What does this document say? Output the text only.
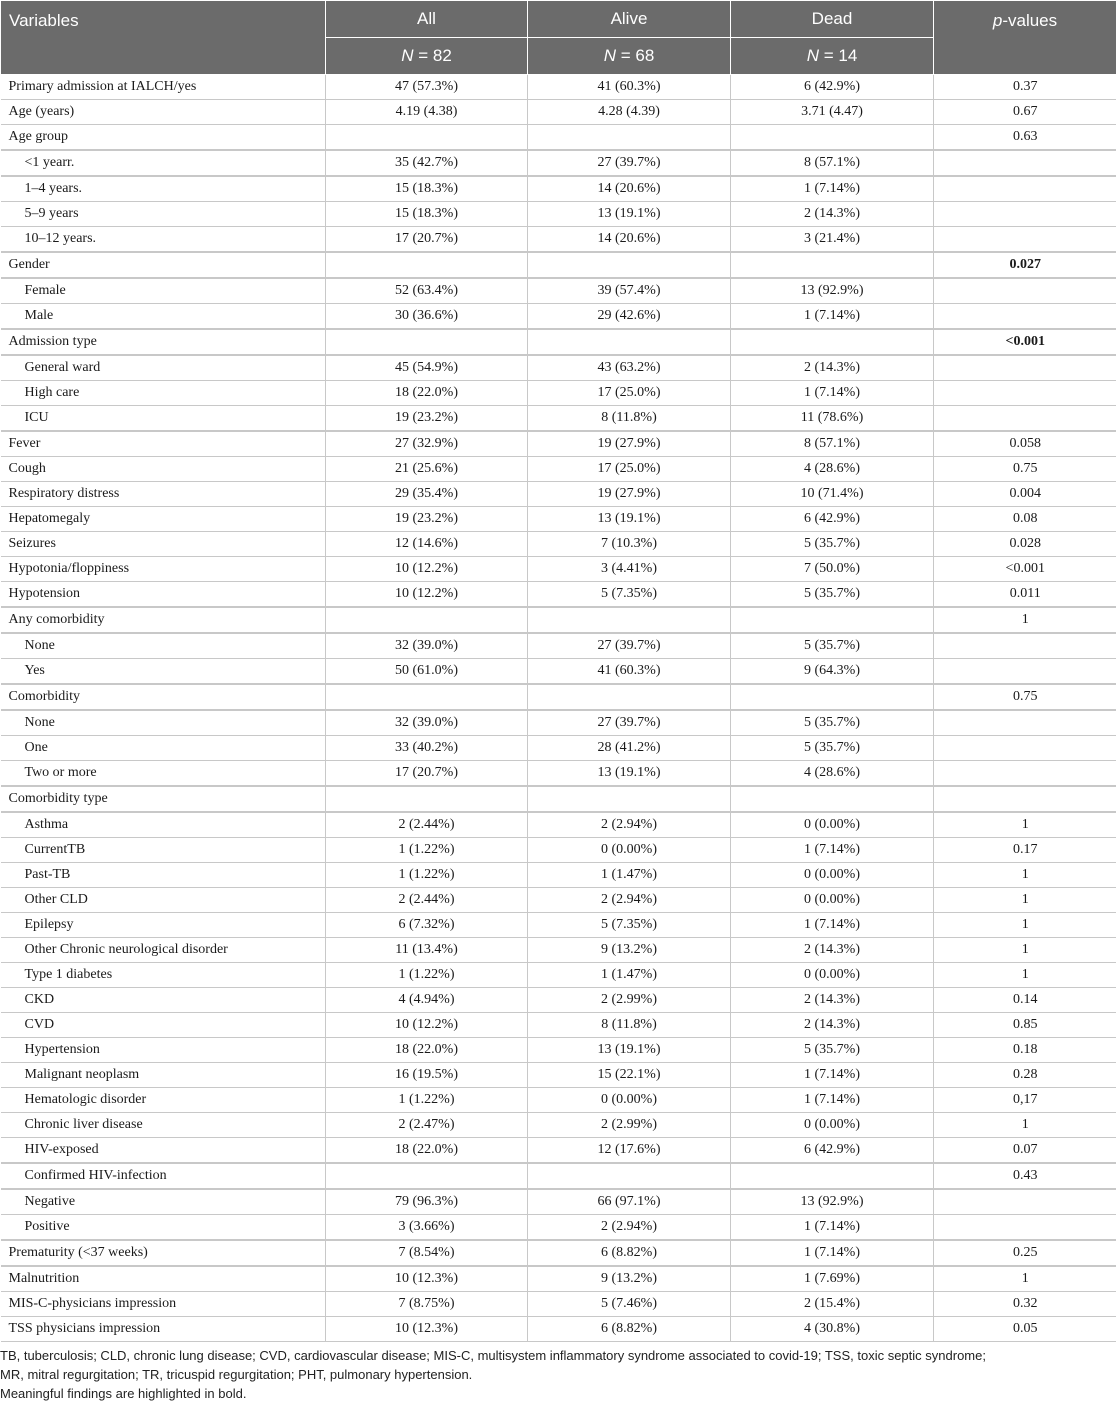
Variables	All	Alive	Dead	p-values
	N = 82	N = 68	N = 14	
Primary admission at IALCH/yes	47 (57.3%)	41 (60.3%)	6 (42.9%)	0.37
Age (years)	4.19 (4.38)	4.28 (4.39)	3.71 (4.47)	0.67
Age group				0.63
<1 yearr.	35 (42.7%)	27 (39.7%)	8 (57.1%)	
1–4 years.	15 (18.3%)	14 (20.6%)	1 (7.14%)	
5–9 years	15 (18.3%)	13 (19.1%)	2 (14.3%)	
10–12 years.	17 (20.7%)	14 (20.6%)	3 (21.4%)	
Gender				0.027
Female	52 (63.4%)	39 (57.4%)	13 (92.9%)	
Male	30 (36.6%)	29 (42.6%)	1 (7.14%)	
Admission type				<0.001
General ward	45 (54.9%)	43 (63.2%)	2 (14.3%)	
High care	18 (22.0%)	17 (25.0%)	1 (7.14%)	
ICU	19 (23.2%)	8 (11.8%)	11 (78.6%)	
Fever	27 (32.9%)	19 (27.9%)	8 (57.1%)	0.058
Cough	21 (25.6%)	17 (25.0%)	4 (28.6%)	0.75
Respiratory distress	29 (35.4%)	19 (27.9%)	10 (71.4%)	0.004
Hepatomegaly	19 (23.2%)	13 (19.1%)	6 (42.9%)	0.08
Seizures	12 (14.6%)	7 (10.3%)	5 (35.7%)	0.028
Hypotonia/floppiness	10 (12.2%)	3 (4.41%)	7 (50.0%)	<0.001
Hypotension	10 (12.2%)	5 (7.35%)	5 (35.7%)	0.011
Any comorbidity				1
None	32 (39.0%)	27 (39.7%)	5 (35.7%)	
Yes	50 (61.0%)	41 (60.3%)	9 (64.3%)	
Comorbidity				0.75
None	32 (39.0%)	27 (39.7%)	5 (35.7%)	
One	33 (40.2%)	28 (41.2%)	5 (35.7%)	
Two or more	17 (20.7%)	13 (19.1%)	4 (28.6%)	
Comorbidity type				
Asthma	2 (2.44%)	2 (2.94%)	0 (0.00%)	1
CurrentTB	1 (1.22%)	0 (0.00%)	1 (7.14%)	0.17
Past-TB	1 (1.22%)	1 (1.47%)	0 (0.00%)	1
Other CLD	2 (2.44%)	2 (2.94%)	0 (0.00%)	1
Epilepsy	6 (7.32%)	5 (7.35%)	1 (7.14%)	1
Other Chronic neurological disorder	11 (13.4%)	9 (13.2%)	2 (14.3%)	1
Type 1 diabetes	1 (1.22%)	1 (1.47%)	0 (0.00%)	1
CKD	4 (4.94%)	2 (2.99%)	2 (14.3%)	0.14
CVD	10 (12.2%)	8 (11.8%)	2 (14.3%)	0.85
Hypertension	18 (22.0%)	13 (19.1%)	5 (35.7%)	0.18
Malignant neoplasm	16 (19.5%)	15 (22.1%)	1 (7.14%)	0.28
Hematologic disorder	1 (1.22%)	0 (0.00%)	1 (7.14%)	0,17
Chronic liver disease	2 (2.47%)	2 (2.99%)	0 (0.00%)	1
HIV-exposed	18 (22.0%)	12 (17.6%)	6 (42.9%)	0.07
Confirmed HIV-infection				0.43
Negative	79 (96.3%)	66 (97.1%)	13 (92.9%)	
Positive	3 (3.66%)	2 (2.94%)	1 (7.14%)	
Prematurity (<37 weeks)	7 (8.54%)	6 (8.82%)	1 (7.14%)	0.25
Malnutrition	10 (12.3%)	9 (13.2%)	1 (7.69%)	1
MIS-C-physicians impression	7 (8.75%)	5 (7.46%)	2 (15.4%)	0.32
TSS physicians impression	10 (12.3%)	6 (8.82%)	4 (30.8%)	0.05
TB, tuberculosis; CLD, chronic lung disease; CVD, cardiovascular disease; MIS-C, multisystem inflammatory syndrome associated to covid-19; TSS, toxic septic syndrome;
MR, mitral regurgitation; TR, tricuspid regurgitation; PHT, pulmonary hypertension.
Meaningful findings are highlighted in bold.
